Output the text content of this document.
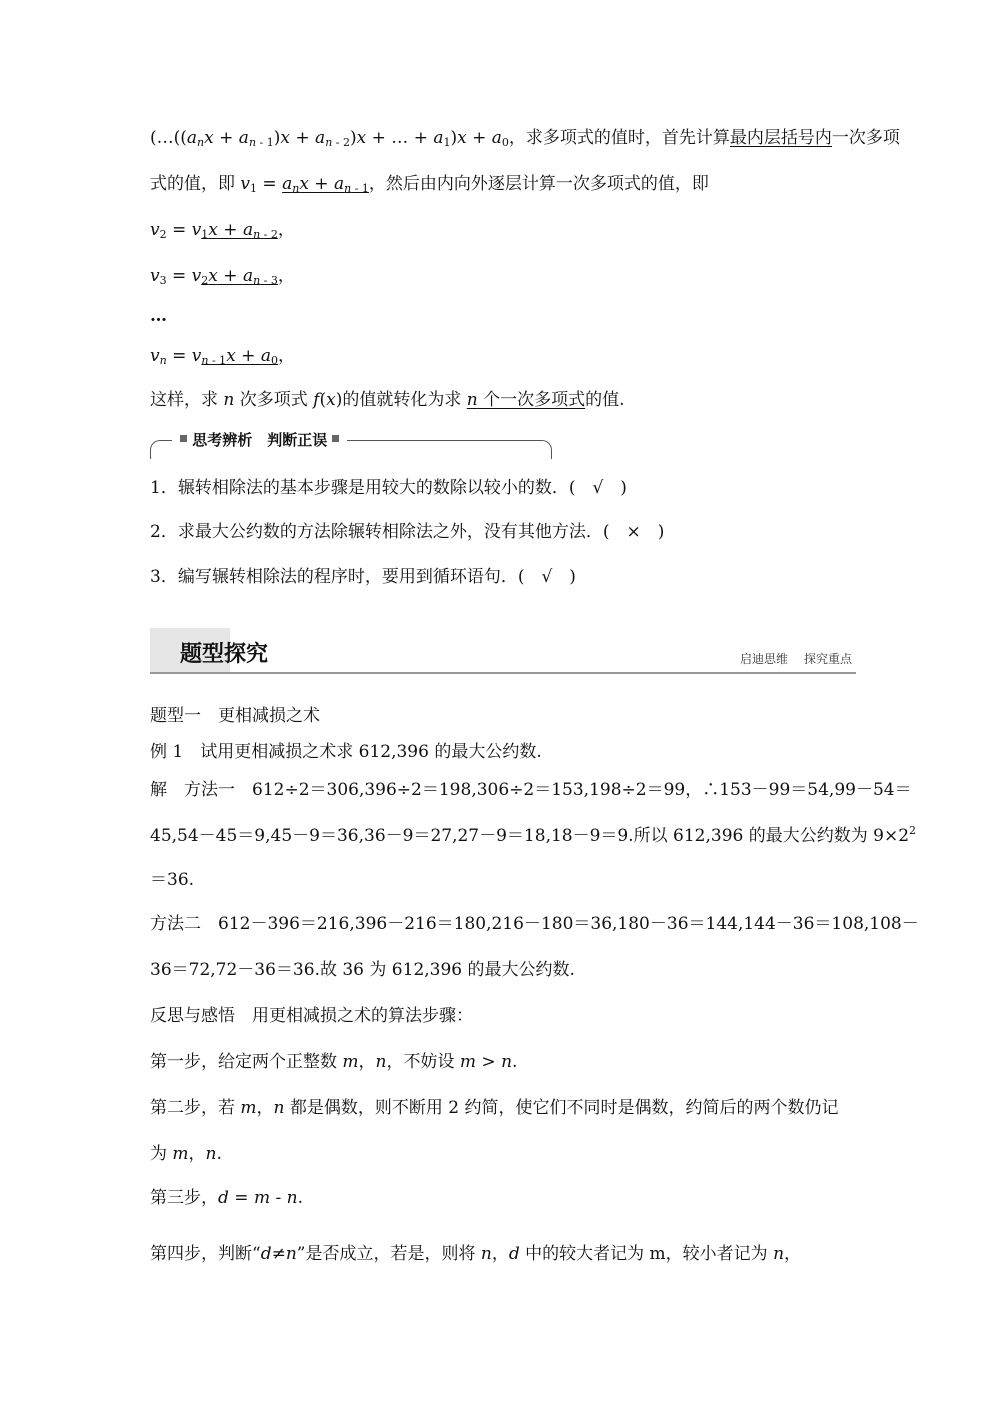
($\dots((a_nx + a_n$ $_{- 1})x + a_n$ $_{- 2}$)x + … + $a_1)x + a_0$，求多项式的值时，首先计算最内层括号内一次多项
式的值，即 $v_1 = a_nx + a_n$ $_{- 1}$，然后由内向外逐层计算一次多项式的值，即
$v_2 = v_1x + a_n$ $_{- 2}$，
$v_3 = v_2x + a_n$ $_{- 3}$，
…
$v_n = v_{n - 1}x + a_0$，
这样，求 n 次多项式 f(x)的值就转化为求 n 个一次多项式的值.
思考辨析　判断正误
1．辗转相除法的基本步骤是用较大的数除以较小的数．(　√　)
2．求最大公约数的方法除辗转相除法之外，没有其他方法．(　×　)
3．编写辗转相除法的程序时，要用到循环语句．(　√　)
题型探究	启迪思维 探究重点
题型一　更相减损之术
例 1　试用更相减损之术求 612,396 的最大公约数.
解　方法一　612÷2＝306,396÷2＝198,306÷2＝153,198÷2＝99，∴153－99＝54,99－54＝
45,54－45＝9,45－9＝36,36－9＝27,27－9＝18,18－9＝9.所以 612,396 的最大公约数为 $9\times 2^2$
＝36.
方法二　612－396＝216,396－216＝180,216－180＝36,180－36＝144,144－36＝108,108－
36＝72,72－36＝36.故 36 为 612,396 的最大公约数.
反思与感悟　用更相减损之术的算法步骤：
第一步，给定两个正整数 m，n，不妨设 m > n.
第二步，若 m，n 都是偶数，则不断用 2 约简，使它们不同时是偶数，约简后的两个数仍记
为 m，n.
第三步，d = m - n.
第四步，判断“d≠n”是否成立，若是，则将 n，d 中的较大者记为 m，较小者记为 n，
